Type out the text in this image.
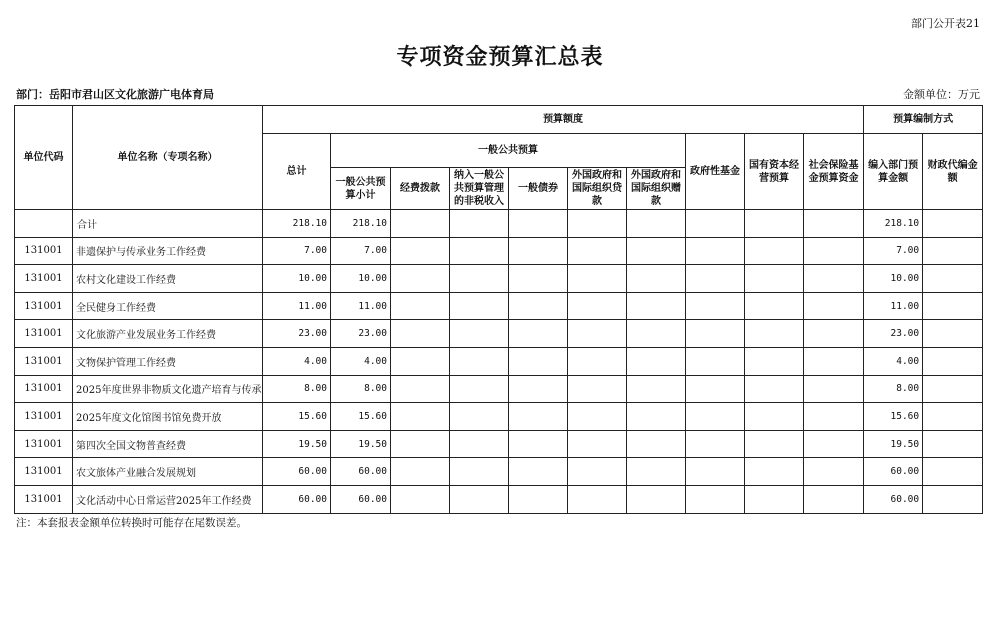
部门公开表21
专项资金预算汇总表
部门：岳阳市君山区文化旅游广电体育局	金额单位：万元
单位代码	单位名称（专项名称）	预算额度										预算编制方式	
		总计	一般公共预算						政府性基金	国有资本经营预算	社会保险基金预算资金	编入部门预算金额	财政代编金额
			一般公共预算小计	经费拨款	纳入一般公共预算管理的非税收入	一般债券	外国政府和国际组织贷款	外国政府和国际组织赠款					
	合计	218.10	218.10									218.10	
131001	非遗保护与传承业务工作经费	7.00	7.00									7.00	
131001	农村文化建设工作经费	10.00	10.00									10.00	
131001	全民健身工作经费	11.00	11.00									11.00	
131001	文化旅游产业发展业务工作经费	23.00	23.00									23.00	
131001	文物保护管理工作经费	4.00	4.00									4.00	
131001	2025年度世界非物质文化遗产培育与传承	8.00	8.00									8.00	
131001	2025年度文化馆图书馆免费开放	15.60	15.60									15.60	
131001	第四次全国文物普查经费	19.50	19.50									19.50	
131001	农文旅体产业融合发展规划	60.00	60.00									60.00	
131001	文化活动中心日常运营2025年工作经费	60.00	60.00									60.00	
注：本套报表金额单位转换时可能存在尾数误差。
